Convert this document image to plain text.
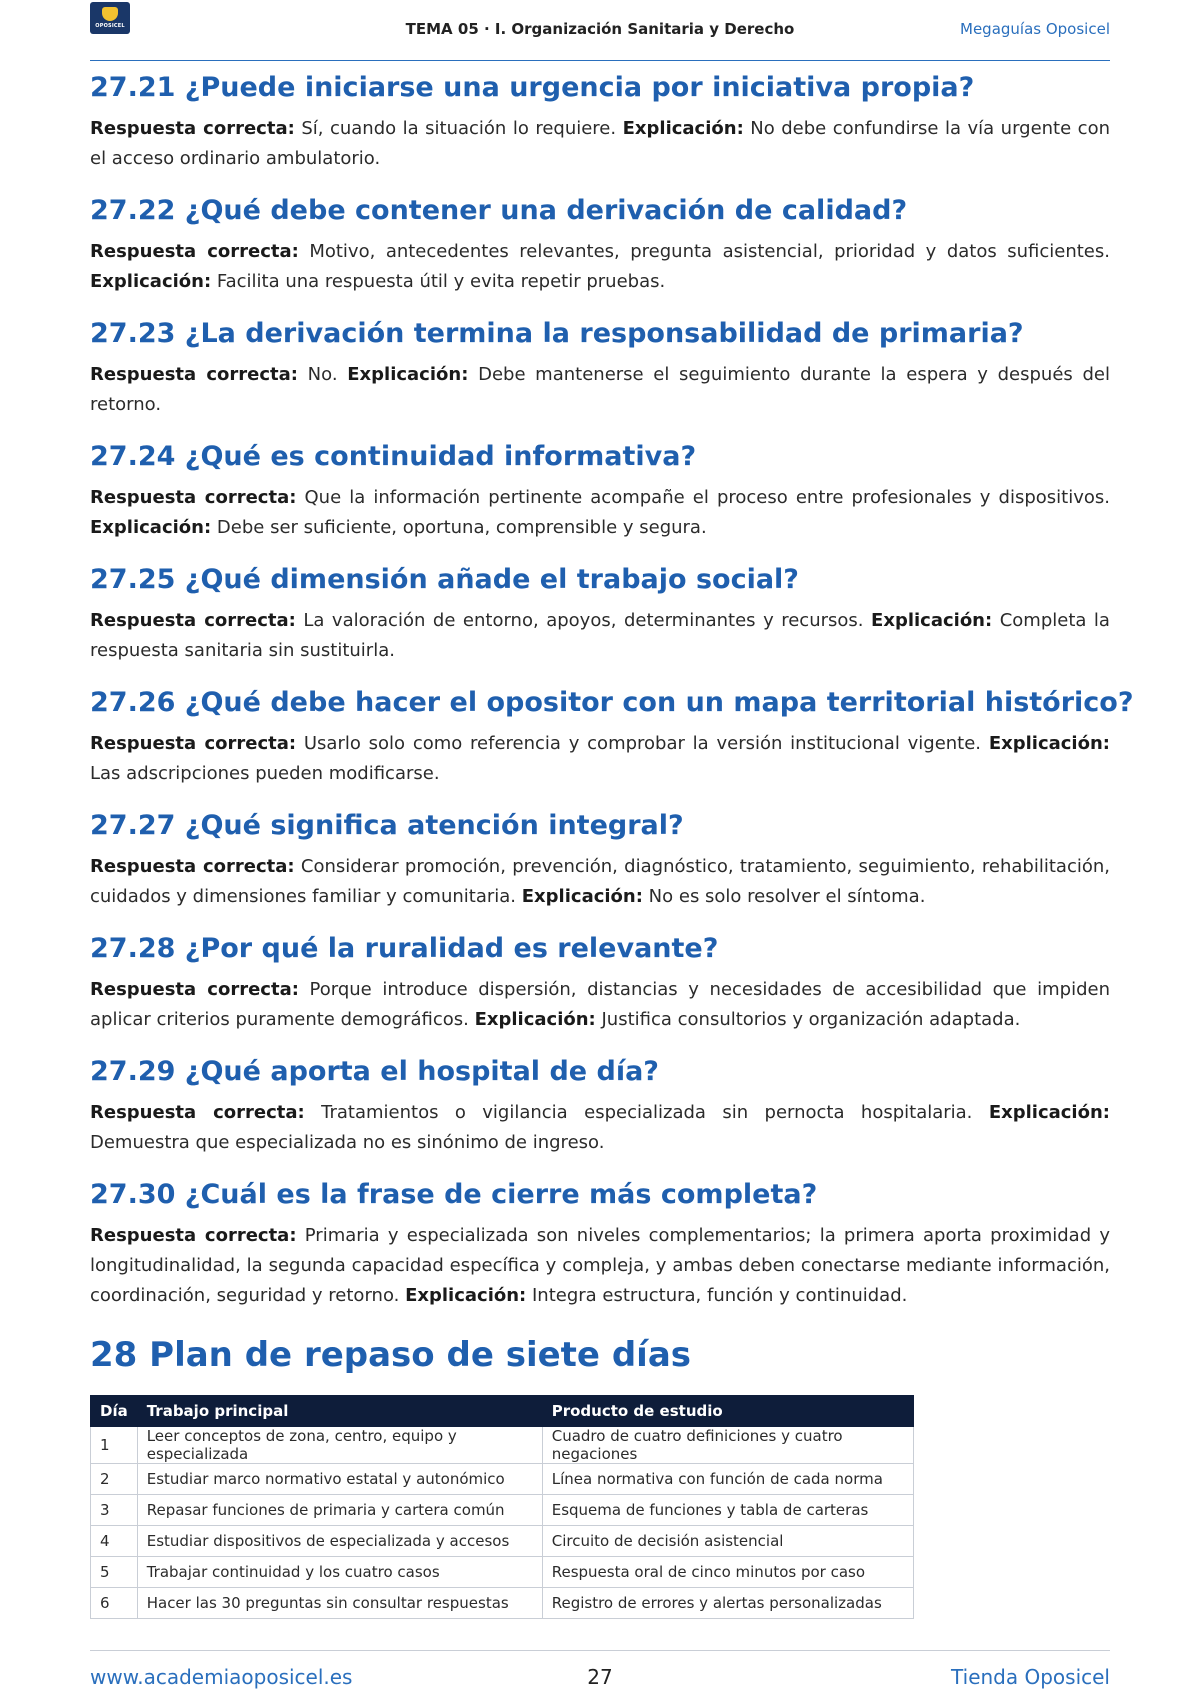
OPOSICEL	TEMA 05 · I. Organización Sanitaria y Derecho	Megaguías Oposicel
27.21 ¿Puede iniciarse una urgencia por iniciativa propia?

Respuesta correcta: Sí, cuando la situación lo requiere. Explicación: No debe confundirse la vía urgente con el acceso ordinario ambulatorio.

27.22 ¿Qué debe contener una derivación de calidad?

Respuesta correcta: Motivo, antecedentes relevantes, pregunta asistencial, prioridad y datos suficientes. Explicación: Facilita una respuesta útil y evita repetir pruebas.

27.23 ¿La derivación termina la responsabilidad de primaria?

Respuesta correcta: No. Explicación: Debe mantenerse el seguimiento durante la espera y después del retorno.

27.24 ¿Qué es continuidad informativa?

Respuesta correcta: Que la información pertinente acompañe el proceso entre profesionales y dispositivos. Explicación: Debe ser suficiente, oportuna, comprensible y segura.

27.25 ¿Qué dimensión añade el trabajo social?

Respuesta correcta: La valoración de entorno, apoyos, determinantes y recursos. Explicación: Completa la respuesta sanitaria sin sustituirla.

27.26 ¿Qué debe hacer el opositor con un mapa territorial histórico?

Respuesta correcta: Usarlo solo como referencia y comprobar la versión institucional vigente. Explicación: Las adscripciones pueden modificarse.

27.27 ¿Qué significa atención integral?

Respuesta correcta: Considerar promoción, prevención, diagnóstico, tratamiento, seguimiento, rehabilitación, cuidados y dimensiones familiar y comunitaria. Explicación: No es solo resolver el síntoma.

27.28 ¿Por qué la ruralidad es relevante?

Respuesta correcta: Porque introduce dispersión, distancias y necesidades de accesibilidad que impiden aplicar criterios puramente demográficos. Explicación: Justifica consultorios y organización adaptada.

27.29 ¿Qué aporta el hospital de día?

Respuesta correcta: Tratamientos o vigilancia especializada sin pernocta hospitalaria. Explicación: Demuestra que especializada no es sinónimo de ingreso.

27.30 ¿Cuál es la frase de cierre más completa?

Respuesta correcta: Primaria y especializada son niveles complementarios; la primera aporta proximidad y longitudinalidad, la segunda capacidad específica y compleja, y ambas deben conectarse mediante información, coordinación, seguridad y retorno. Explicación: Integra estructura, función y continuidad.

28 Plan de repaso de siete días
Día	Trabajo principal	Producto de estudio
1	Leer conceptos de zona, centro, equipo y especializada	Cuadro de cuatro definiciones y cuatro negaciones
2	Estudiar marco normativo estatal y autonómico	Línea normativa con función de cada norma
3	Repasar funciones de primaria y cartera común	Esquema de funciones y tabla de carteras
4	Estudiar dispositivos de especializada y accesos	Circuito de decisión asistencial
5	Trabajar continuidad y los cuatro casos	Respuesta oral de cinco minutos por caso
6	Hacer las 30 preguntas sin consultar respuestas	Registro de errores y alertas personalizadas
www.academiaoposicel.es	27	Tienda Oposicel
